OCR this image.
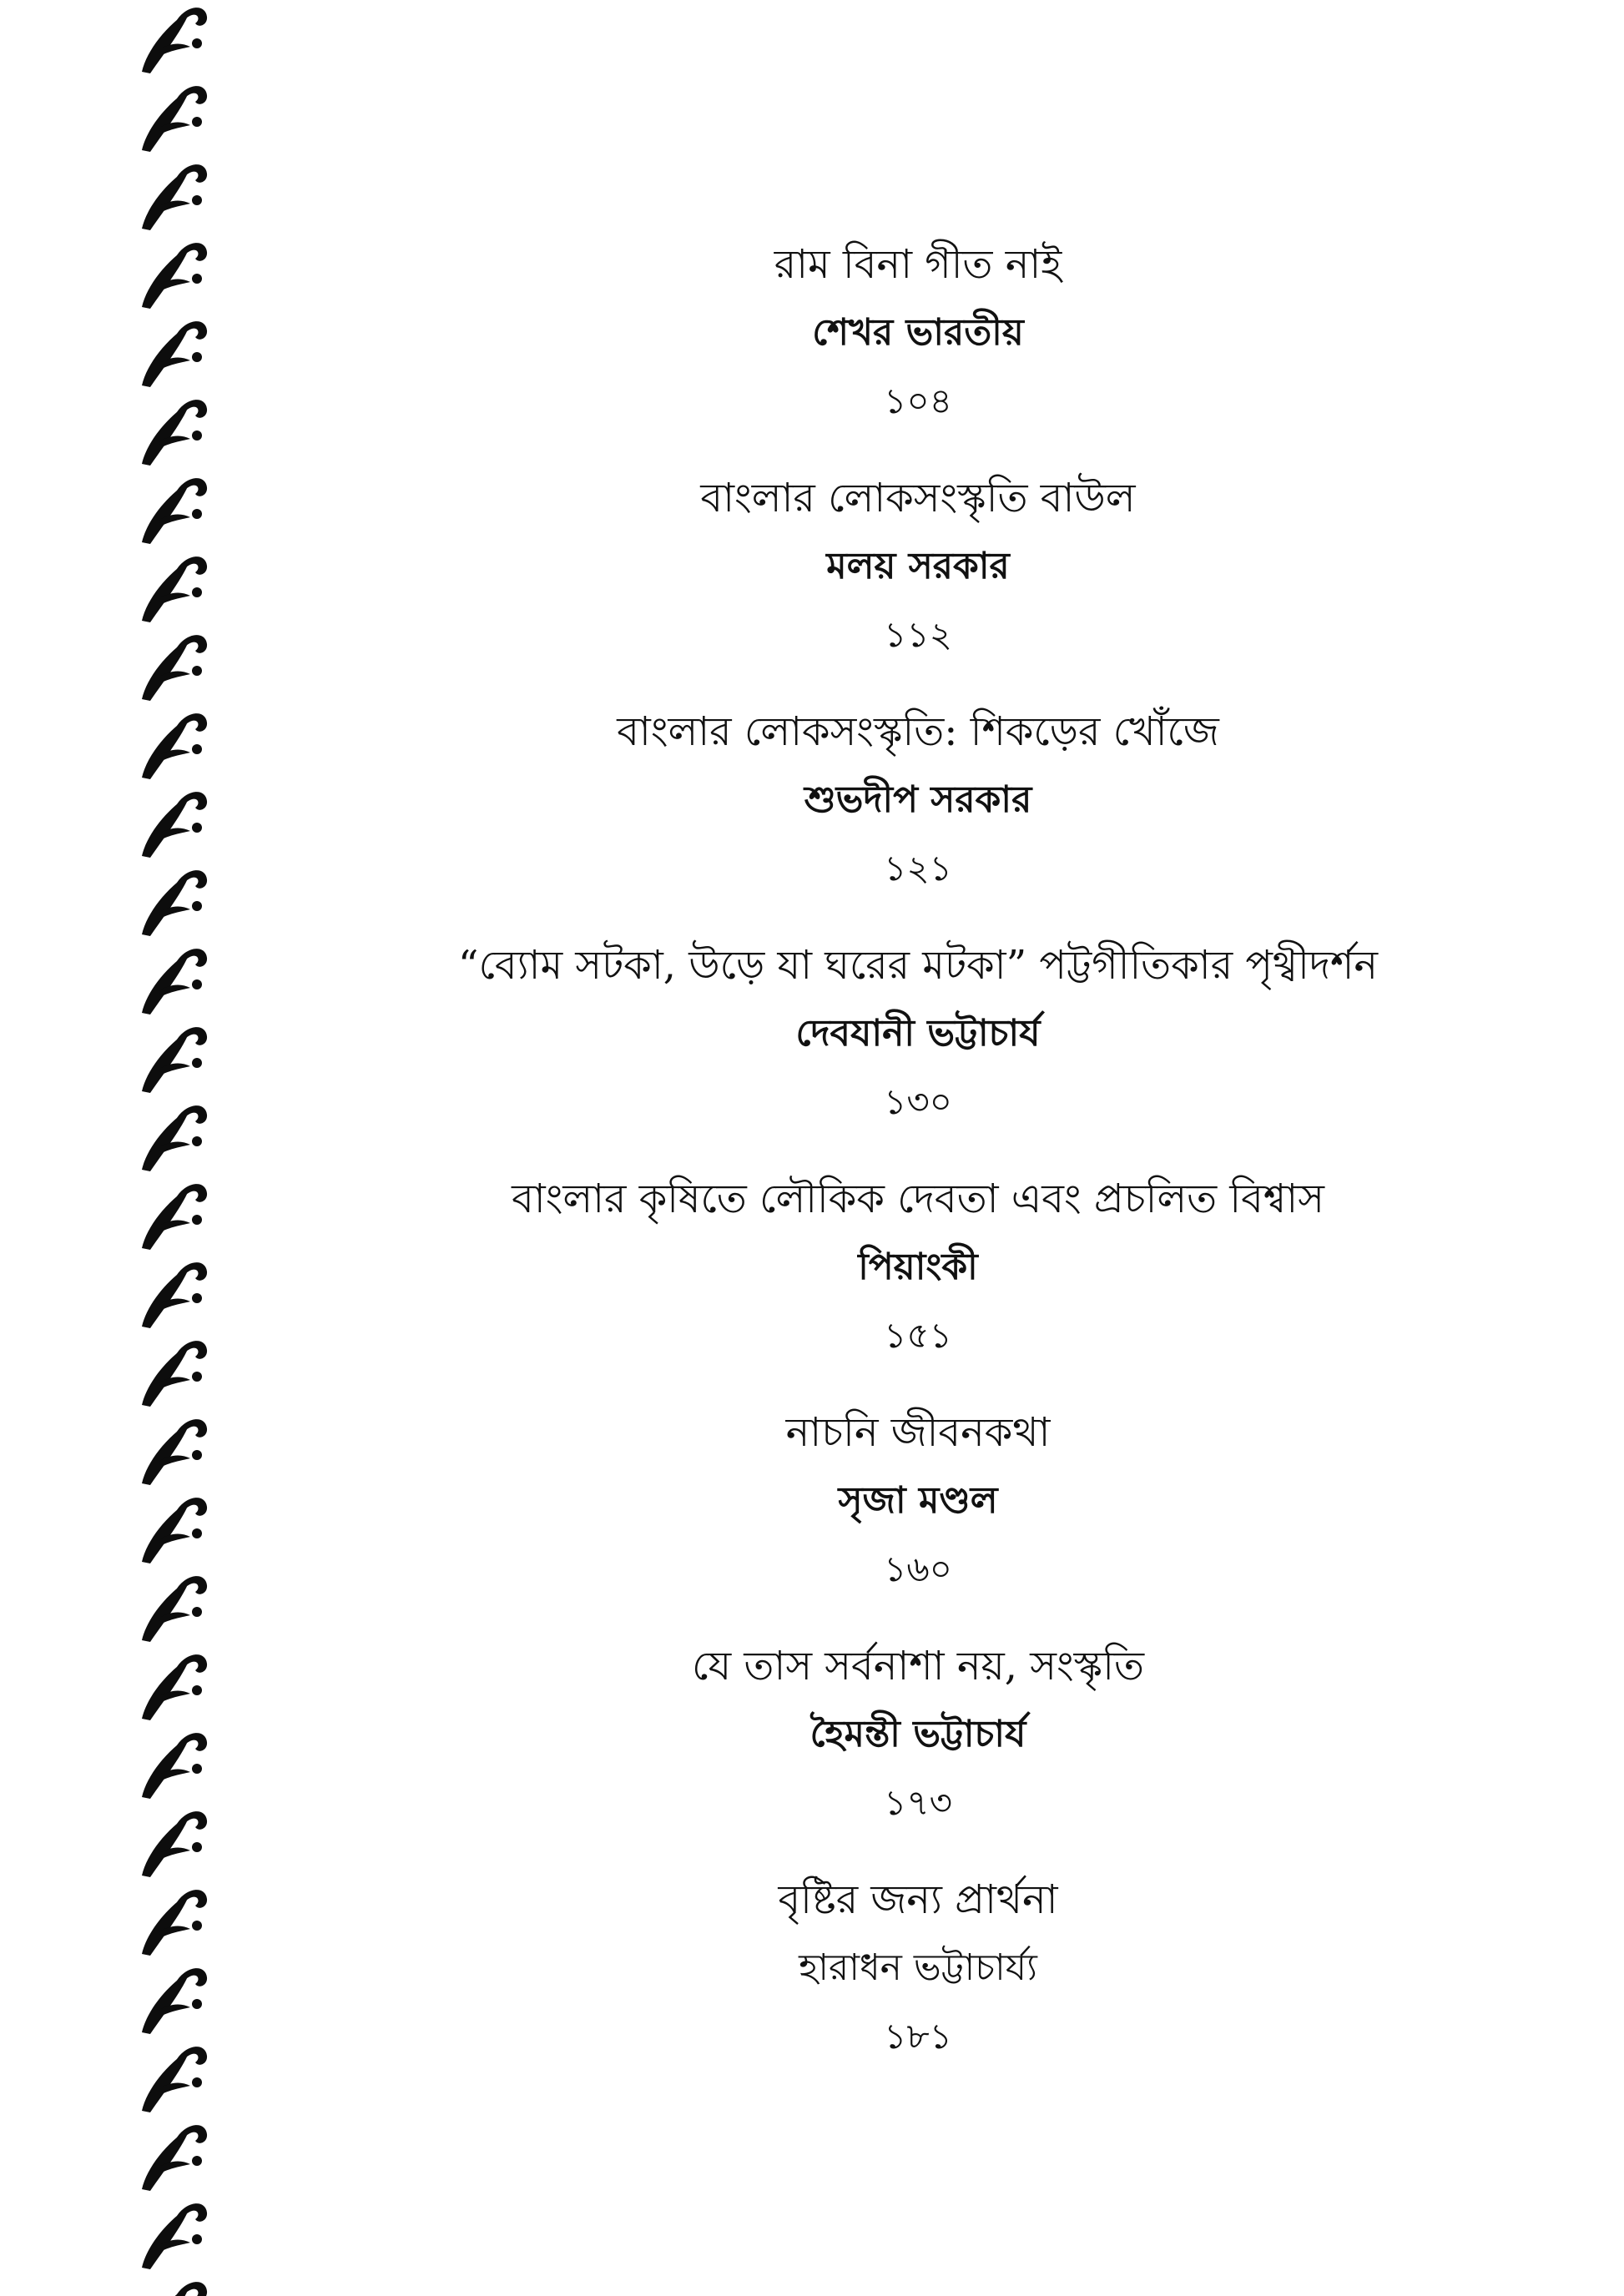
রাম বিনা গীত নাই
শেখর ভারতীয়
১০৪
বাংলার লোকসংস্কৃতি বাউল
মলয় সরকার
১১২
বাংলার লোকসংস্কৃতি: শিকড়ের খোঁজে
শুভদীপ সরকার
১২১
“ব্যোম সটকা, উড়ে যা ঘরের মটকা” পট্টগীতিকার পৃথ্বীদর্শন
দেবযানী ভট্টাচার্য
১৩০
বাংলার কৃষিতে লৌকিক দেবতা এবং প্রচলিত বিশ্বাস
পিয়াংকী
১৫১
নাচনি জীবনকথা
সৃজা মণ্ডল
১৬০
যে তাস সর্বনাশা নয়, সংস্কৃতি
হৈমন্তী ভট্টাচার্য
১৭৩
বৃষ্টির জন্য প্রার্থনা
হারাধন ভট্টাচার্য্য
১৮১
